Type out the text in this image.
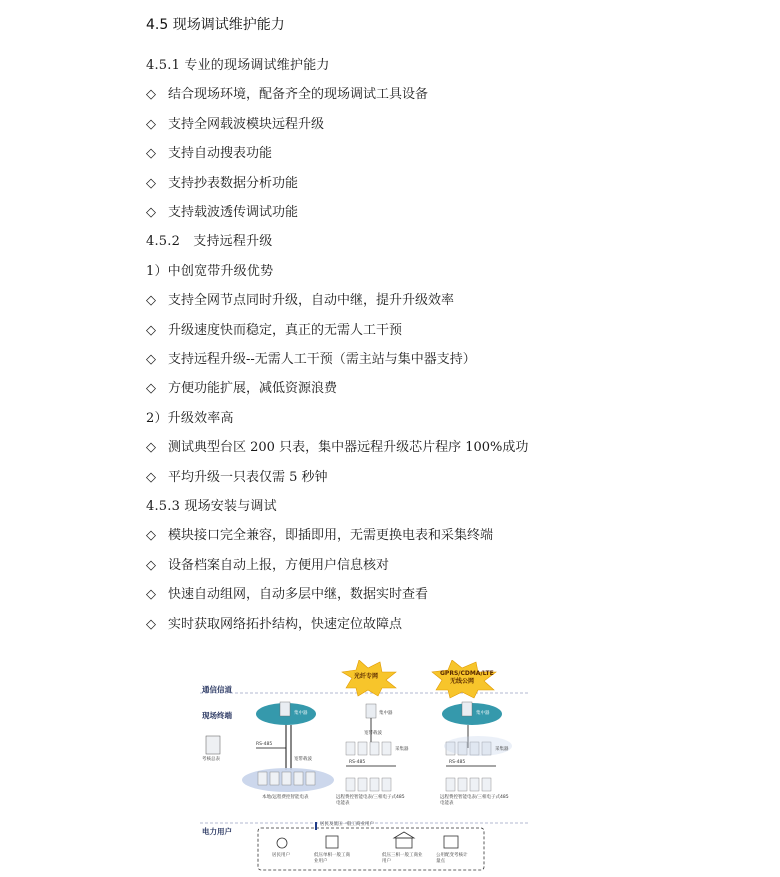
4.5 现场调试维护能力
4.5.1 专业的现场调试维护能力
◇ 结合现场环境，配备齐全的现场调试工具设备
◇ 支持全网载波模块远程升级
◇ 支持自动搜表功能
◇ 支持抄表数据分析功能
◇ 支持载波透传调试功能
4.5.2　支持远程升级
1）中创宽带升级优势
◇ 支持全网节点同时升级，自动中继，提升升级效率
◇ 升级速度快而稳定，真正的无需人工干预
◇ 支持远程升级--无需人工干预（需主站与集中器支持）
◇ 方便功能扩展，减低资源浪费
2）升级效率高
◇ 测试典型台区 200 只表，集中器远程升级芯片程序 100%成功
◇ 平均升级一只表仅需 5 秒钟
4.5.3 现场安装与调试
◇ 模块接口完全兼容，即插即用，无需更换电表和采集终端
◇ 设备档案自动上报，方便用户信息核对
◇ 快速自动组网，自动多层中继，数据实时查看
◇ 实时获取网络拓扑结构，快速定位故障点
通信信道
现场终端
电力用户
光纤专网	GPRS/CDMA/LTE
无线公网
集中器	集中器	集中器
RS-485
RS-485	RS-485
宽带载波
宽带载波
采集器	采集器
考核总表
本地/远程费控智能电表	远程费控智能电表/三相电子式485电能表
远程费控智能电表/三相电子式485电能表
居民及低压一般工商业用户
居民用户	低压单相一般工商业用户
低压三相一般工商业用户
公用配变考核计量点
